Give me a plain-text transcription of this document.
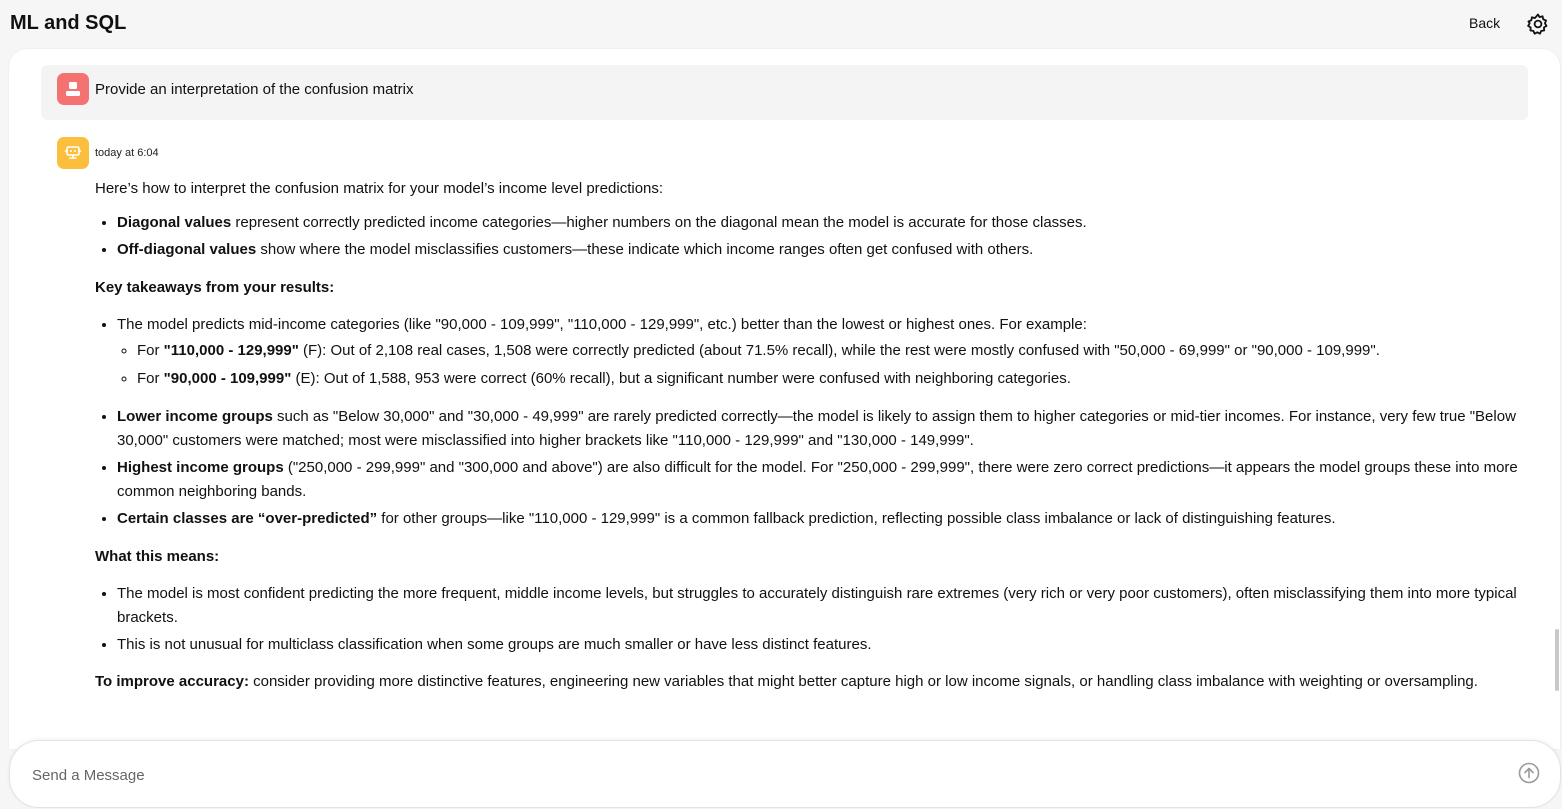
ML and SQL	Back
Provide an interpretation of the confusion matrix
today at 6:04

Here’s how to interpret the confusion matrix for your model’s income level predictions:

• Diagonal values represent correctly predicted income categories—higher numbers on the diagonal mean the model is accurate for those classes.
• Off-diagonal values show where the model misclassifies customers—these indicate which income ranges often get confused with others.

Key takeaways from your results:

• The model predicts mid-income categories (like "90,000 - 109,999", "110,000 - 129,999", etc.) better than the lowest or highest ones. For example:
◦ For "110,000 - 129,999" (F): Out of 2,108 real cases, 1,508 were correctly predicted (about 71.5% recall), while the rest were mostly confused with "50,000 - 69,999" or "90,000 - 109,999".
◦ For "90,000 - 109,999" (E): Out of 1,588, 953 were correct (60% recall), but a significant number were confused with neighboring categories.
• Lower income groups such as "Below 30,000" and "30,000 - 49,999" are rarely predicted correctly—the model is likely to assign them to higher categories or mid-tier incomes. For instance, very few true "Below 30,000" customers were matched; most were misclassified into higher brackets like "110,000 - 129,999" and "130,000 - 149,999".
• Highest income groups ("250,000 - 299,999" and "300,000 and above") are also difficult for the model. For "250,000 - 299,999", there were zero correct predictions—it appears the model groups these into more common neighboring bands.
• Certain classes are “over-predicted” for other groups—like "110,000 - 129,999" is a common fallback prediction, reflecting possible class imbalance or lack of distinguishing features.

What this means:

• The model is most confident predicting the more frequent, middle income levels, but struggles to accurately distinguish rare extremes (very rich or very poor customers), often misclassifying them into more typical brackets.
• This is not unusual for multiclass classification when some groups are much smaller or have less distinct features.

To improve accuracy: consider providing more distinctive features, engineering new variables that might better capture high or low income signals, or handling class imbalance with weighting or oversampling.

Send a Message
